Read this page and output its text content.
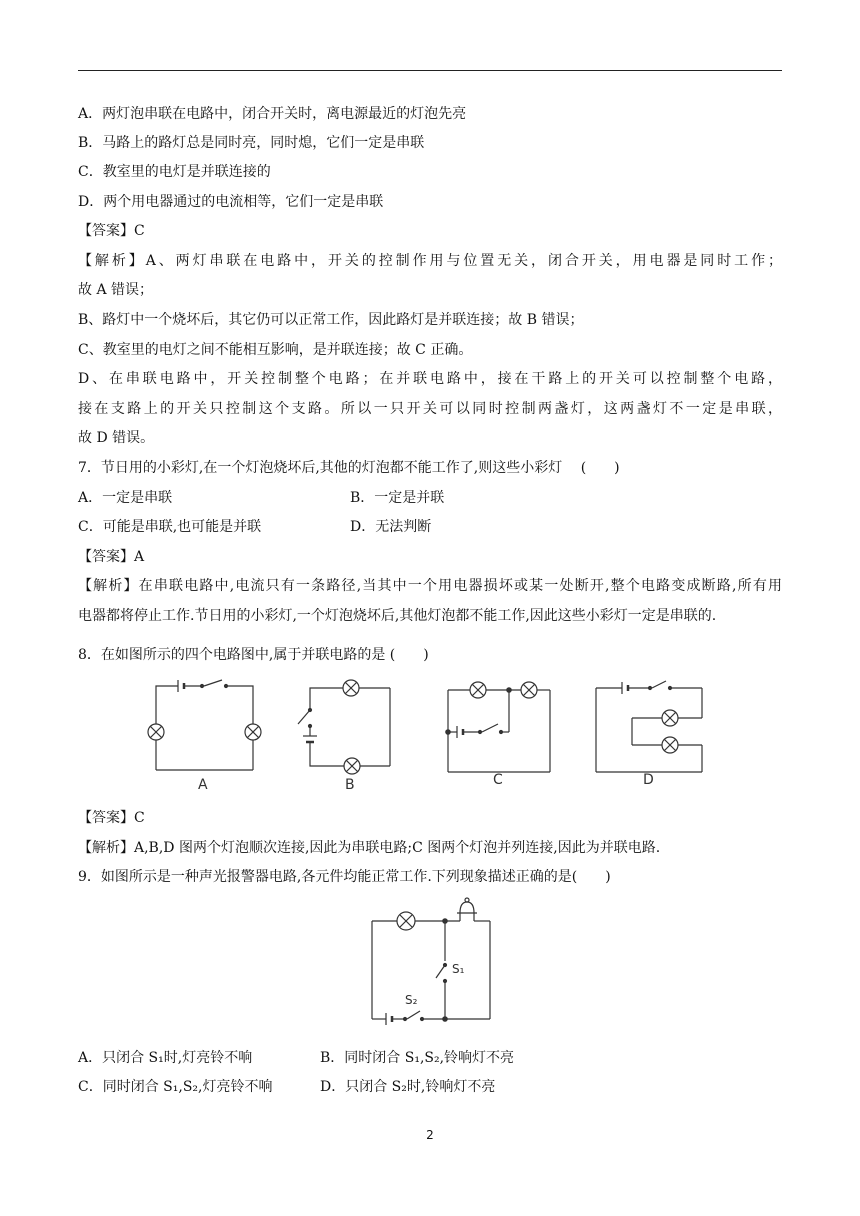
A．两灯泡串联在电路中，闭合开关时，离电源最近的灯泡先亮
B．马路上的路灯总是同时亮，同时熄，它们一定是串联
C．教室里的电灯是并联连接的
D．两个用电器通过的电流相等，它们一定是串联
【答案】C
【解析】A、两灯串联在电路中，开关的控制作用与位置无关，闭合开关，用电器是同时工作；
故 A 错误；
B、路灯中一个烧坏后，其它仍可以正常工作，因此路灯是并联连接；故 B 错误；
C、教室里的电灯之间不能相互影响，是并联连接；故 C 正确。
D、在串联电路中，开关控制整个电路；在并联电路中，接在干路上的开关可以控制整个电路，
接在支路上的开关只控制这个支路。所以一只开关可以同时控制两盏灯，这两盏灯不一定是串联，
故 D 错误。
7．节日用的小彩灯,在一个灯泡烧坏后,其他的灯泡都不能工作了,则这些小彩灯　 (　　)
A．一定是串联	B．一定是并联
C．可能是串联,也可能是并联	D．无法判断
【答案】A
【解析】在串联电路中,电流只有一条路径,当其中一个用电器损坏或某一处断开,整个电路变成断路,所有用
电器都将停止工作.节日用的小彩灯,一个灯泡烧坏后,其他灯泡都不能工作,因此这些小彩灯一定是串联的.
8．在如图所示的四个电路图中,属于并联电路的是 (　　)
A	B	C	D
【答案】C
【解析】A,B,D 图两个灯泡顺次连接,因此为串联电路;C 图两个灯泡并列连接,因此为并联电路.
9．如图所示是一种声光报警器电路,各元件均能正常工作.下列现象描述正确的是(　　)
S₁
S₂
A．只闭合 S₁时,灯亮铃不响	B．同时闭合 S₁,S₂,铃响灯不亮
C．同时闭合 S₁,S₂,灯亮铃不响	D．只闭合 S₂时,铃响灯不亮
2
